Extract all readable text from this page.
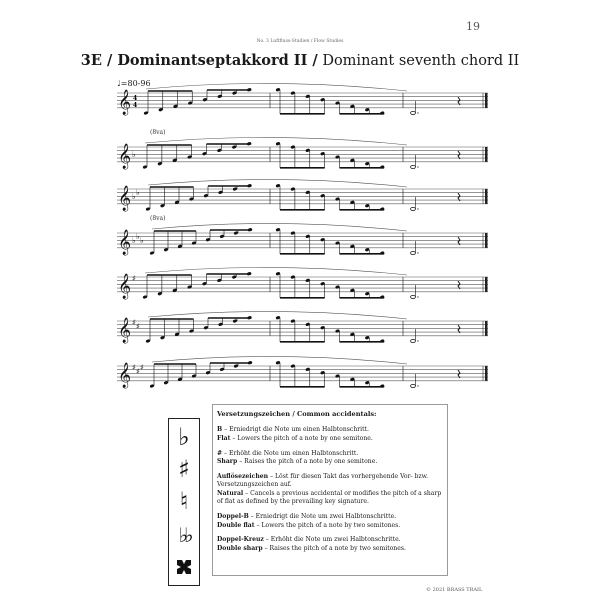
19
No. 3 Luftfluss-Studien / Flow Studies
3E / Dominantseptakkord II / Dominant seventh chord II
♩=80-96
𝄞 4
4
𝄞 ♭
(8va)
𝄞 ♭ ♭
𝄞 ♭ ♭ ♭
(8va)
𝄞 ♯
𝄞 ♯ ♯
𝄞 ♯ ♯ ♯
♭
♯
♮
♭♭
Versetzungszeichen / Common accidentals:

B – Erniedrigt die Note um einen Halbtonschritt.
Flat – Lowers the pitch of a note by one semitone.

# – Erhöht die Note um einen Halbtonschritt.
Sharp – Raises the pitch of a note by one semitone.

Auflösezeichen – Löst für diesen Takt das vorhergehende Vor- bzw. Versetzungszeichen auf.
Natural – Cancels a previous accidental or modifies the pitch of a sharp of flat as defined by the prevailing key signature.

Doppel-B – Erniedrigt die Note um zwei Halbtonschritte.
Double flat – Lowers the pitch of a note by two semitones.

Doppel-Kreuz – Erhöht die Note um zwei Halbtonschritte.
Double sharp – Raises the pitch of a note by two semitones.

© 2021 BRASS TRAIL
